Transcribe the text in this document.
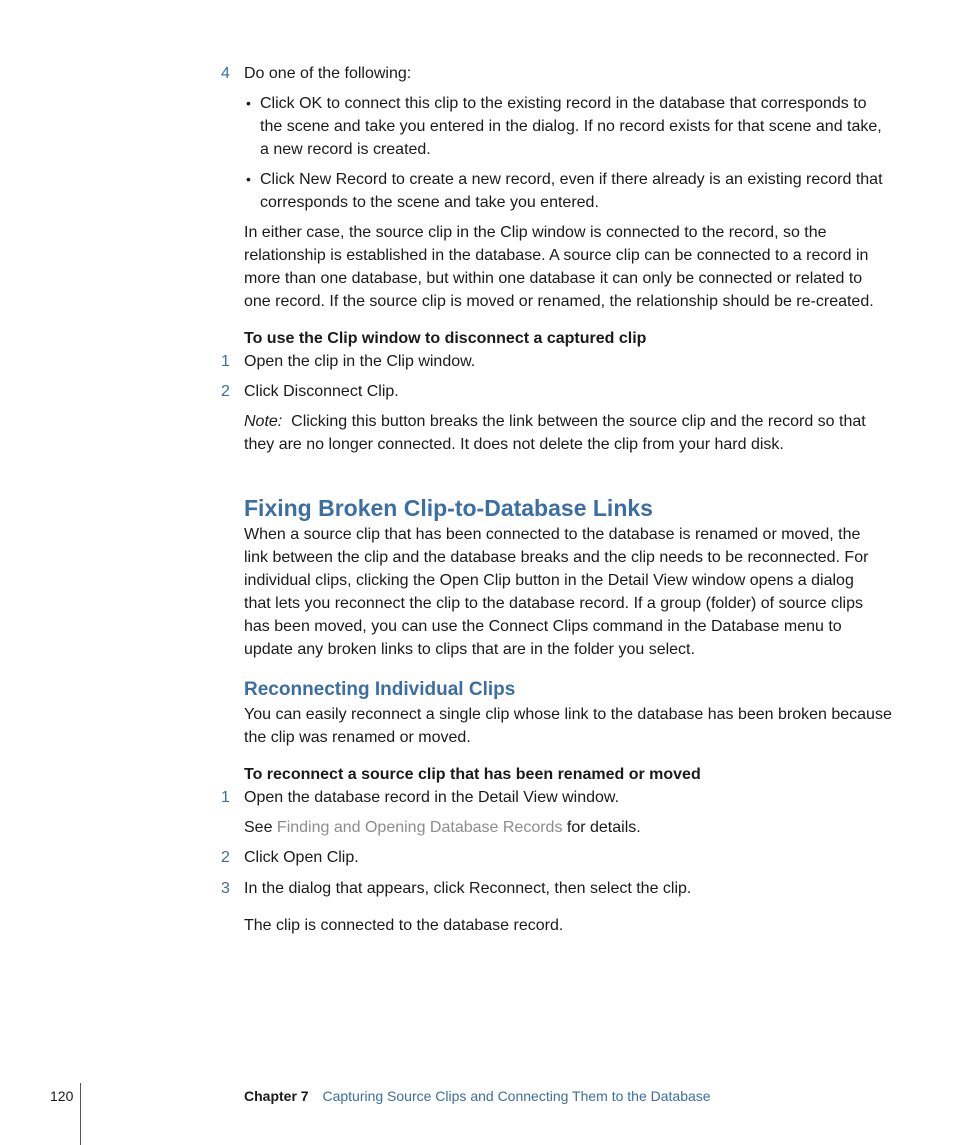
4 Do one of the following:

• Click OK to connect this clip to the existing record in the database that corresponds to

the scene and take you entered in the dialog. If no record exists for that scene and take,

a new record is created.

• Click New Record to create a new record, even if there already is an existing record that

corresponds to the scene and take you entered.

In either case, the source clip in the Clip window is connected to the record, so the

relationship is established in the database. A source clip can be connected to a record in

more than one database, but within one database it can only be connected or related to

one record. If the source clip is moved or renamed, the relationship should be re-created.

To use the Clip window to disconnect a captured clip

1 Open the clip in the Clip window.

2 Click Disconnect Clip.

Note: Clicking this button breaks the link between the source clip and the record so that

they are no longer connected. It does not delete the clip from your hard disk.

Fixing Broken Clip-to-Database Links

When a source clip that has been connected to the database is renamed or moved, the

link between the clip and the database breaks and the clip needs to be reconnected. For

individual clips, clicking the Open Clip button in the Detail View window opens a dialog

that lets you reconnect the clip to the database record. If a group (folder) of source clips

has been moved, you can use the Connect Clips command in the Database menu to

update any broken links to clips that are in the folder you select.

Reconnecting Individual Clips

You can easily reconnect a single clip whose link to the database has been broken because

the clip was renamed or moved.

To reconnect a source clip that has been renamed or moved

1 Open the database record in the Detail View window.

See Finding and Opening Database Records for details.

2 Click Open Clip.

3 In the dialog that appears, click Reconnect, then select the clip.

The clip is connected to the database record.

120	Chapter 7 Capturing Source Clips and Connecting Them to the Database
